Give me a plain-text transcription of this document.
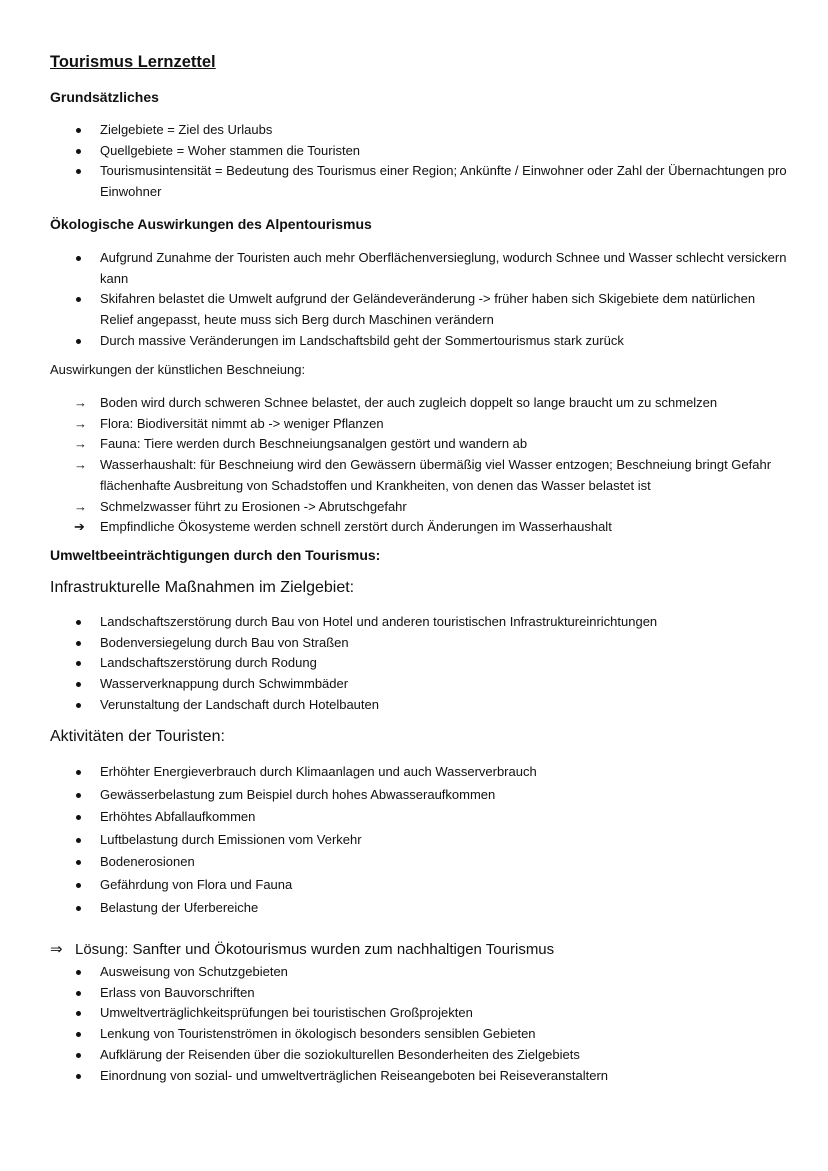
Tourismus Lernzettel
Grundsätzliches
Zielgebiete = Ziel des Urlaubs
Quellgebiete = Woher stammen die Touristen
Tourismusintensität = Bedeutung des Tourismus einer Region; Ankünfte / Einwohner oder Zahl der Übernachtungen pro Einwohner
Ökologische Auswirkungen des Alpentourismus
Aufgrund Zunahme der Touristen auch mehr Oberflächenversieglung, wodurch Schnee und Wasser schlecht versickern kann
Skifahren belastet die Umwelt aufgrund der Geländeveränderung -> früher haben sich Skigebiete dem natürlichen Relief angepasst, heute muss sich Berg durch Maschinen verändern
Durch massive Veränderungen im Landschaftsbild geht der Sommertourismus stark zurück
Auswirkungen der künstlichen Beschneiung:
→	Boden wird durch schweren Schnee belastet, der auch zugleich doppelt so lange braucht um zu schmelzen
→	Flora: Biodiversität nimmt ab -> weniger Pflanzen
→	Fauna: Tiere werden durch Beschneiungsanalgen gestört und wandern ab
→	Wasserhaushalt: für Beschneiung wird den Gewässern übermäßig viel Wasser entzogen; Beschneiung bringt Gefahr flächenhafte Ausbreitung von Schadstoffen und Krankheiten, von denen das Wasser belastet ist
→	Schmelzwasser führt zu Erosionen -> Abrutschgefahr
➔	Empfindliche Ökosysteme werden schnell zerstört durch Änderungen im Wasserhaushalt
Umweltbeeinträchtigungen durch den Tourismus:
Infrastrukturelle Maßnahmen im Zielgebiet:
Landschaftszerstörung durch Bau von Hotel und anderen touristischen Infrastruktureinrichtungen
Bodenversiegelung durch Bau von Straßen
Landschaftszerstörung durch Rodung
Wasserverknappung durch Schwimmbäder
Verunstaltung der Landschaft durch Hotelbauten
Aktivitäten der Touristen:
Erhöhter Energieverbrauch durch Klimaanlagen und auch Wasserverbrauch
Gewässerbelastung zum Beispiel durch hohes Abwasseraufkommen
Erhöhtes Abfallaufkommen
Luftbelastung durch Emissionen vom Verkehr
Bodenerosionen
Gefährdung von Flora und Fauna
Belastung der Uferbereiche
⇒ Lösung: Sanfter und Ökotourismus wurden zum nachhaltigen Tourismus
Ausweisung von Schutzgebieten
Erlass von Bauvorschriften
Umweltverträglichkeitsprüfungen bei touristischen Großprojekten
Lenkung von Touristenströmen in ökologisch besonders sensiblen Gebieten
Aufklärung der Reisenden über die soziokulturellen Besonderheiten des Zielgebiets
Einordnung von sozial- und umweltverträglichen Reiseangeboten bei Reiseveranstaltern
